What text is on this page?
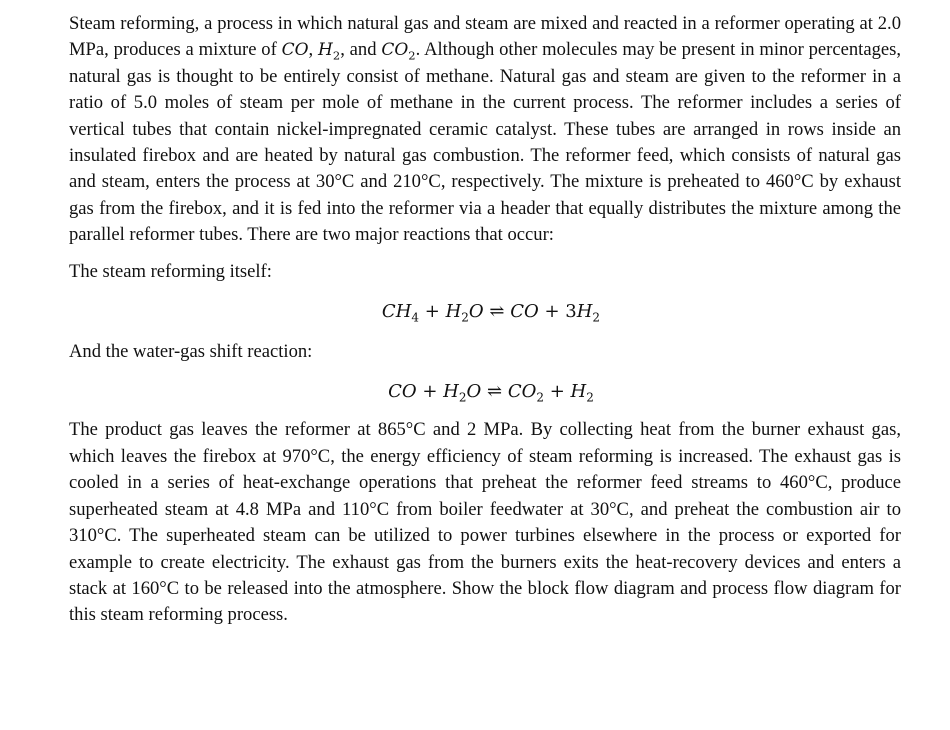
Steam reforming, a process in which natural gas and steam are mixed and reacted in a reformer operating at 2.0 MPa, produces a mixture of CO, $H_2$, and $CO_2$. Although other molecules may be present in minor percentages, natural gas is thought to be entirely consist of methane. Natural gas and steam are given to the reformer in a ratio of 5.0 moles of steam per mole of methane in the current process. The reformer includes a series of vertical tubes that contain nickel-impregnated ceramic catalyst. These tubes are arranged in rows inside an insulated firebox and are heated by natural gas combustion. The reformer feed, which consists of natural gas and steam, enters the process at 30°C and 210°C, respectively. The mixture is preheated to 460°C by exhaust gas from the firebox, and it is fed into the reformer via a header that equally distributes the mixture among the parallel reformer tubes. There are two major reactions that occur:

The steam reforming itself:

$CH_4 + H_2O$ ⇌ CO + $3H_2$

And the water-gas shift reaction:

CO + $H_2O$ ⇌ $CO_2 + H_2$

The product gas leaves the reformer at 865°C and 2 MPa. By collecting heat from the burner exhaust gas, which leaves the firebox at 970°C, the energy efficiency of steam reforming is increased. The exhaust gas is cooled in a series of heat-exchange operations that preheat the reformer feed streams to 460°C, produce superheated steam at 4.8 MPa and 110°C from boiler feedwater at 30°C, and preheat the combustion air to 310°C. The superheated steam can be utilized to power turbines elsewhere in the process or exported for example to create electricity. The exhaust gas from the burners exits the heat-recovery devices and enters a stack at 160°C to be released into the atmosphere. Show the block flow diagram and process flow diagram for this steam reforming process.
